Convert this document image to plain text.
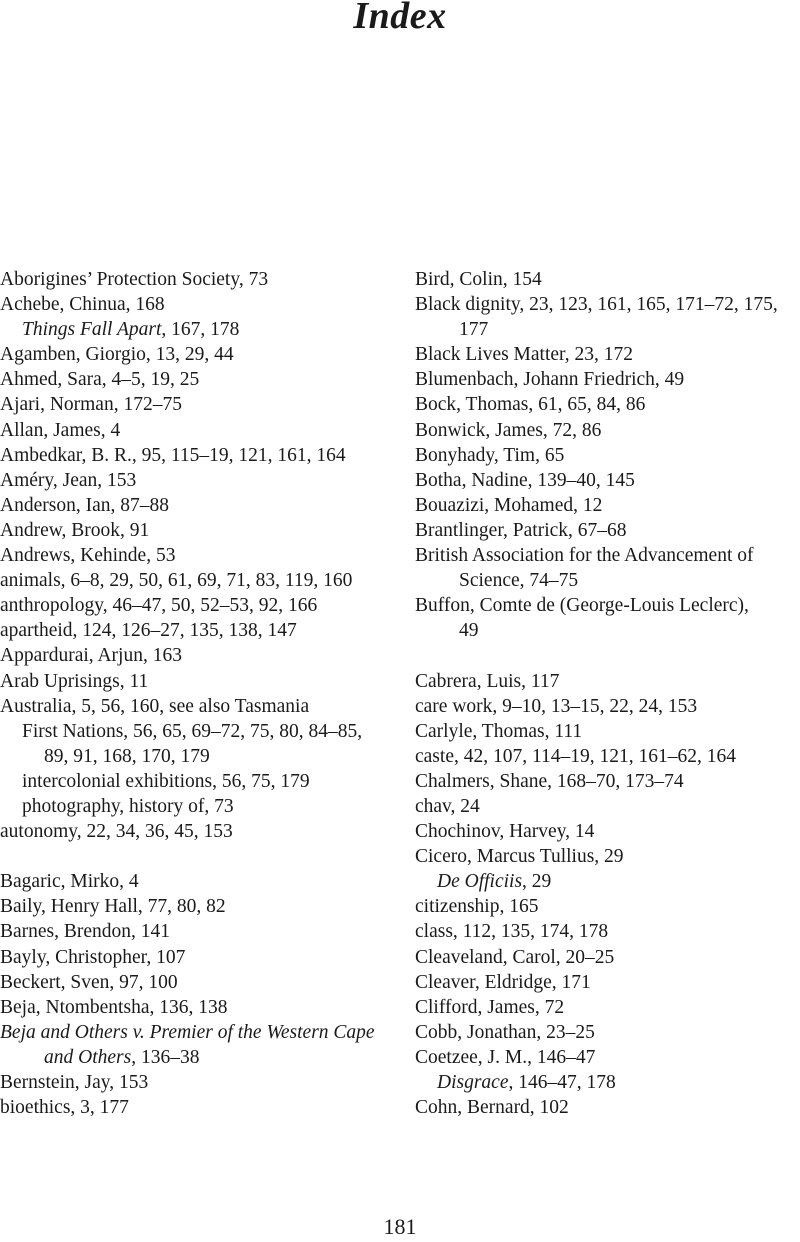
Index
Aborigines’ Protection Society, 73
Achebe, Chinua, 168
Things Fall Apart, 167, 178
Agamben, Giorgio, 13, 29, 44
Ahmed, Sara, 4–5, 19, 25
Ajari, Norman, 172–75
Allan, James, 4
Ambedkar, B. R., 95, 115–19, 121, 161, 164
Améry, Jean, 153
Anderson, Ian, 87–88
Andrew, Brook, 91
Andrews, Kehinde, 53
animals, 6–8, 29, 50, 61, 69, 71, 83, 119, 160
anthropology, 46–47, 50, 52–53, 92, 166
apartheid, 124, 126–27, 135, 138, 147
Appardurai, Arjun, 163
Arab Uprisings, 11
Australia, 5, 56, 160, see also Tasmania
First Nations, 56, 65, 69–72, 75, 80, 84–85,
89, 91, 168, 170, 179
intercolonial exhibitions, 56, 75, 179
photography, history of, 73
autonomy, 22, 34, 36, 45, 153
Bagaric, Mirko, 4
Baily, Henry Hall, 77, 80, 82
Barnes, Brendon, 141
Bayly, Christopher, 107
Beckert, Sven, 97, 100
Beja, Ntombentsha, 136, 138
Beja and Others v. Premier of the Western Cape
and Others, 136–38
Bernstein, Jay, 153
bioethics, 3, 177
Bird, Colin, 154
Black dignity, 23, 123, 161, 165, 171–72, 175,
177
Black Lives Matter, 23, 172
Blumenbach, Johann Friedrich, 49
Bock, Thomas, 61, 65, 84, 86
Bonwick, James, 72, 86
Bonyhady, Tim, 65
Botha, Nadine, 139–40, 145
Bouazizi, Mohamed, 12
Brantlinger, Patrick, 67–68
British Association for the Advancement of
Science, 74–75
Buffon, Comte de (George-Louis Leclerc),
49
Cabrera, Luis, 117
care work, 9–10, 13–15, 22, 24, 153
Carlyle, Thomas, 111
caste, 42, 107, 114–19, 121, 161–62, 164
Chalmers, Shane, 168–70, 173–74
chav, 24
Chochinov, Harvey, 14
Cicero, Marcus Tullius, 29
De Officiis, 29
citizenship, 165
class, 112, 135, 174, 178
Cleaveland, Carol, 20–25
Cleaver, Eldridge, 171
Clifford, James, 72
Cobb, Jonathan, 23–25
Coetzee, J. M., 146–47
Disgrace, 146–47, 178
Cohn, Bernard, 102
181
